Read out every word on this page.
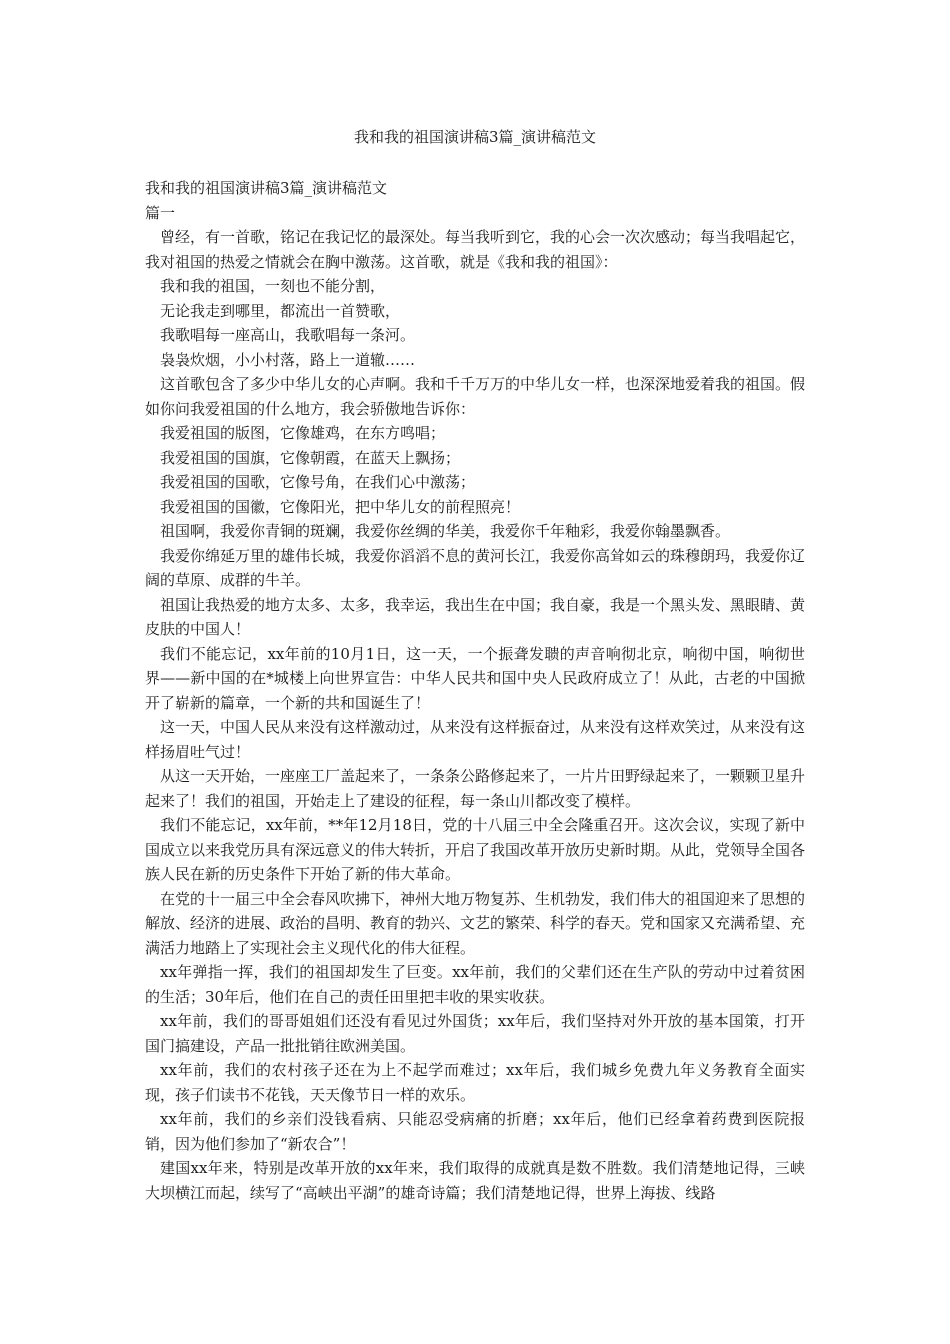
我和我的祖国演讲稿3篇_演讲稿范文

我和我的祖国演讲稿3篇_演讲稿范文

篇一

曾经，有一首歌，铭记在我记忆的最深处。每当我听到它，我的心会一次次感动；每当我唱起它，我对祖国的热爱之情就会在胸中激荡。这首歌，就是《我和我的祖国》：

我和我的祖国，一刻也不能分割，

无论我走到哪里，都流出一首赞歌，

我歌唱每一座高山，我歌唱每一条河。

袅袅炊烟，小小村落，路上一道辙……

这首歌包含了多少中华儿女的心声啊。我和千千万万的中华儿女一样，也深深地爱着我的祖国。假如你问我爱祖国的什么地方，我会骄傲地告诉你：

我爱祖国的版图，它像雄鸡，在东方鸣唱；

我爱祖国的国旗，它像朝霞，在蓝天上飘扬；

我爱祖国的国歌，它像号角，在我们心中激荡；

我爱祖国的国徽，它像阳光，把中华儿女的前程照亮！

祖国啊，我爱你青铜的斑斓，我爱你丝绸的华美，我爱你千年釉彩，我爱你翰墨飘香。

我爱你绵延万里的雄伟长城，我爱你滔滔不息的黄河长江，我爱你高耸如云的珠穆朗玛，我爱你辽阔的草原、成群的牛羊。

祖国让我热爱的地方太多、太多，我幸运，我出生在中国；我自豪，我是一个黑头发、黑眼睛、黄皮肤的中国人！

我们不能忘记，xx年前的10月1日，这一天，一个振聋发聩的声音响彻北京，响彻中国，响彻世界——新中国的在*城楼上向世界宣告：中华人民共和国中央人民政府成立了！从此，古老的中国掀开了崭新的篇章，一个新的共和国诞生了！

这一天，中国人民从来没有这样激动过，从来没有这样振奋过，从来没有这样欢笑过，从来没有这样扬眉吐气过！

从这一天开始，一座座工厂盖起来了，一条条公路修起来了，一片片田野绿起来了，一颗颗卫星升起来了！我们的祖国，开始走上了建设的征程，每一条山川都改变了模样。

我们不能忘记，xx年前，**年12月18日，党的十八届三中全会隆重召开。这次会议，实现了新中国成立以来我党历具有深远意义的伟大转折，开启了我国改革开放历史新时期。从此，党领导全国各族人民在新的历史条件下开始了新的伟大革命。

在党的十一届三中全会春风吹拂下，神州大地万物复苏、生机勃发，我们伟大的祖国迎来了思想的解放、经济的进展、政治的昌明、教育的勃兴、文艺的繁荣、科学的春天。党和国家又充满希望、充满活力地踏上了实现社会主义现代化的伟大征程。

xx年弹指一挥，我们的祖国却发生了巨变。xx年前，我们的父辈们还在生产队的劳动中过着贫困的生活；30年后，他们在自己的责任田里把丰收的果实收获。

xx年前，我们的哥哥姐姐们还没有看见过外国货；xx年后，我们坚持对外开放的基本国策，打开国门搞建设，产品一批批销往欧洲美国。

xx年前，我们的农村孩子还在为上不起学而难过；xx年后，我们城乡免费九年义务教育全面实现，孩子们读书不花钱，天天像节日一样的欢乐。

xx年前，我们的乡亲们没钱看病、只能忍受病痛的折磨；xx年后，他们已经拿着药费到医院报销，因为他们参加了“新农合”！

建国xx年来，特别是改革开放的xx年来，我们取得的成就真是数不胜数。我们清楚地记得，三峡大坝横江而起，续写了“高峡出平湖”的雄奇诗篇；我们清楚地记得，世界上海拔、线路
